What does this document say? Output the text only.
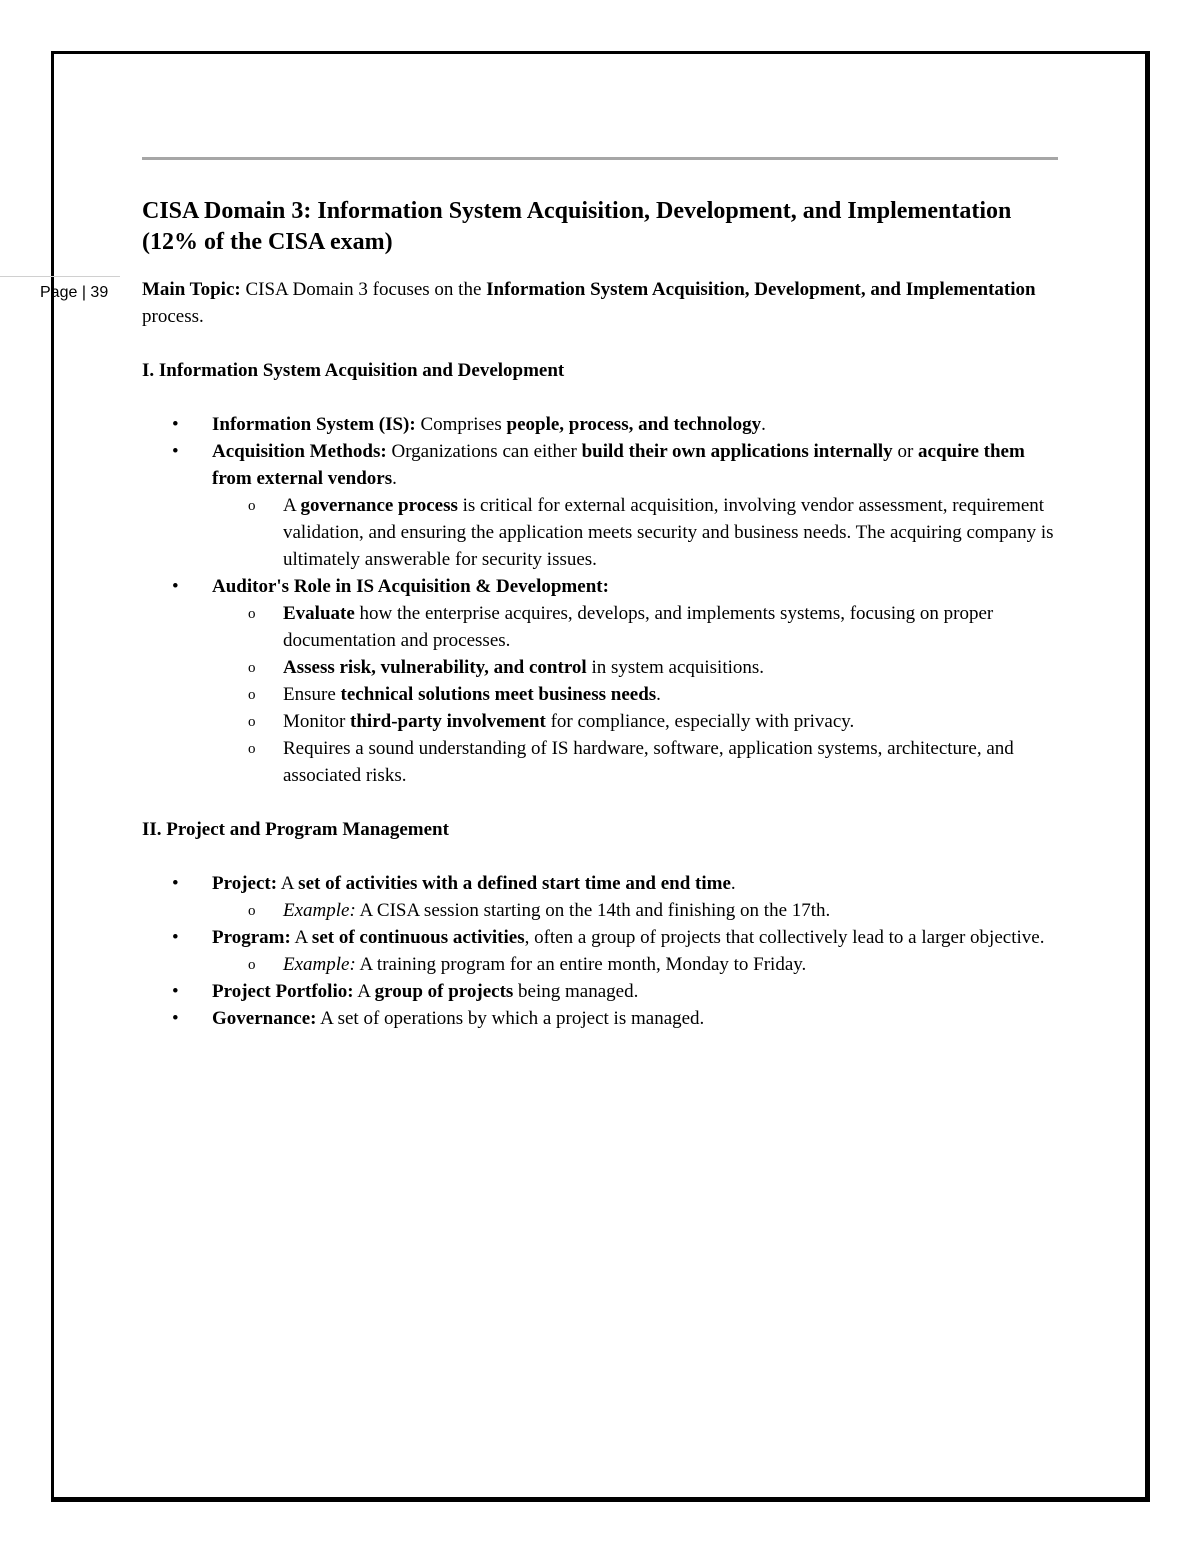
Page | 39
CISA Domain 3: Information System Acquisition, Development, and Implementation (12% of the CISA exam)

Main Topic: CISA Domain 3 focuses on the Information System Acquisition, Development, and Implementation process.

I. Information System Acquisition and Development

• Information System (IS): Comprises people, process, and technology.
• Acquisition Methods: Organizations can either build their own applications internally or acquire them from external vendors.
o A governance process is critical for external acquisition, involving vendor assessment, requirement validation, and ensuring the application meets security and business needs. The acquiring company is ultimately answerable for security issues.
• Auditor's Role in IS Acquisition & Development:
o Evaluate how the enterprise acquires, develops, and implements systems, focusing on proper documentation and processes.
o Assess risk, vulnerability, and control in system acquisitions.
o Ensure technical solutions meet business needs.
o Monitor third-party involvement for compliance, especially with privacy.
o Requires a sound understanding of IS hardware, software, application systems, architecture, and associated risks.

II. Project and Program Management

• Project: A set of activities with a defined start time and end time.
o Example: A CISA session starting on the 14th and finishing on the 17th.
• Program: A set of continuous activities, often a group of projects that collectively lead to a larger objective.
o Example: A training program for an entire month, Monday to Friday.
• Project Portfolio: A group of projects being managed.
• Governance: A set of operations by which a project is managed.
